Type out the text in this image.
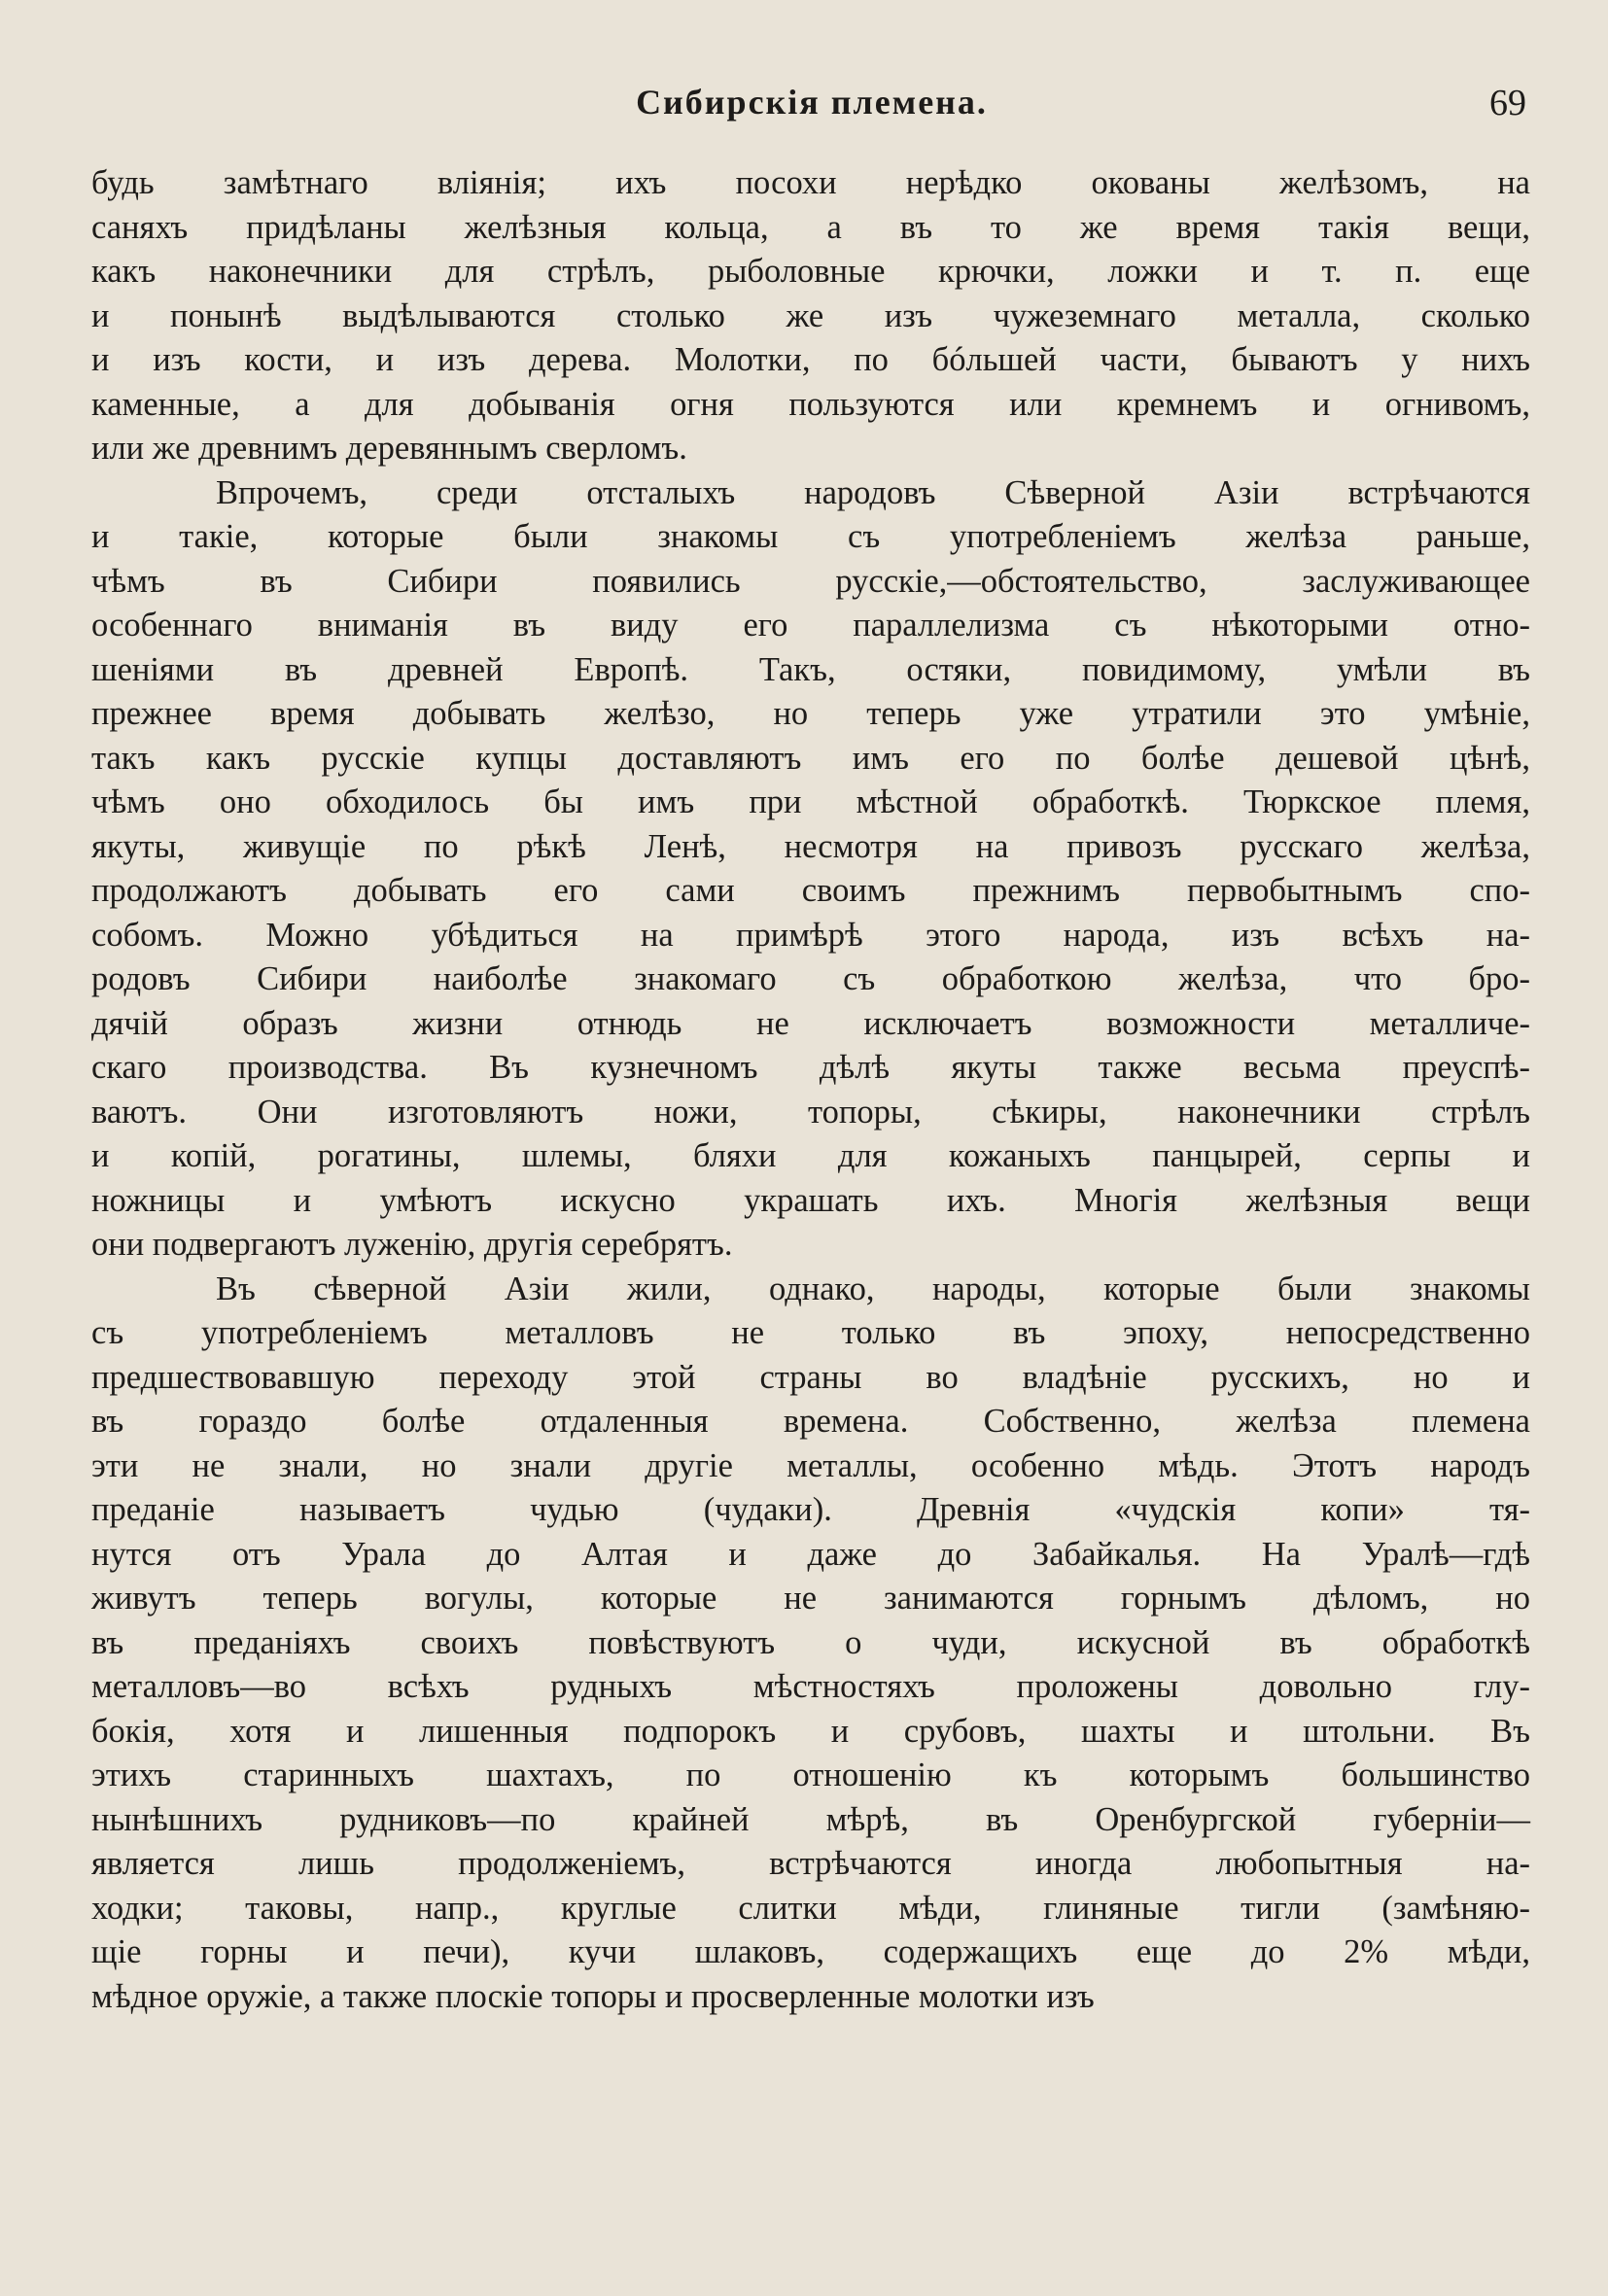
Сибирскія племена.	69
будь замѣтнаго вліянія; ихъ посохи нерѣдко окованы желѣзомъ, на
саняхъ придѣланы желѣзныя кольца, а въ то же время такія вещи,
какъ наконечники для стрѣлъ, рыболовные крючки, ложки и т. п. еще
и понынѣ выдѣлываются столько же изъ чужеземнаго металла, сколько
и изъ кости, и изъ дерева. Молотки, по бóльшей части, бываютъ у нихъ
каменные, а для добыванія огня пользуются или кремнемъ и огнивомъ,
или же древнимъ деревяннымъ сверломъ.
Впрочемъ, среди отсталыхъ народовъ Сѣверной Азіи встрѣчаются
и такіе, которые были знакомы съ употребленіемъ желѣза раньше,
чѣмъ въ Сибири появились русскіе,—обстоятельство, заслуживающее
особеннаго вниманія въ виду его параллелизма съ нѣкоторыми отно-
шеніями въ древней Европѣ. Такъ, остяки, повидимому, умѣли въ
прежнее время добывать желѣзо, но теперь уже утратили это умѣніе,
такъ какъ русскіе купцы доставляютъ имъ его по болѣе дешевой цѣнѣ,
чѣмъ оно обходилось бы имъ при мѣстной обработкѣ. Тюркское племя,
якуты, живущіе по рѣкѣ Ленѣ, несмотря на привозъ русскаго желѣза,
продолжаютъ добывать его сами своимъ прежнимъ первобытнымъ спо-
собомъ. Можно убѣдиться на примѣрѣ этого народа, изъ всѣхъ на-
родовъ Сибири наиболѣе знакомаго съ обработкою желѣза, что бро-
дячій образъ жизни отнюдь не исключаетъ возможности металличе-
скаго производства. Въ кузнечномъ дѣлѣ якуты также весьма преуспѣ-
ваютъ. Они изготовляютъ ножи, топоры, сѣкиры, наконечники стрѣлъ
и копій, рогатины, шлемы, бляхи для кожаныхъ панцырей, серпы и
ножницы и умѣютъ искусно украшать ихъ. Многія желѣзныя вещи
они подвергаютъ луженію, другія серебрятъ.
Въ сѣверной Азіи жили, однако, народы, которые были знакомы
съ употребленіемъ металловъ не только въ эпоху, непосредственно
предшествовавшую переходу этой страны во владѣніе русскихъ, но и
въ гораздо болѣе отдаленныя времена. Собственно, желѣза племена
эти не знали, но знали другіе металлы, особенно мѣдь. Этотъ народъ
преданіе называетъ чудью (чудаки). Древнія «чудскія копи» тя-
нутся отъ Урала до Алтая и даже до Забайкалья. На Уралѣ—гдѣ
живутъ теперь вогулы, которые не занимаются горнымъ дѣломъ, но
въ преданіяхъ своихъ повѣствуютъ о чуди, искусной въ обработкѣ
металловъ—во всѣхъ рудныхъ мѣстностяхъ проложены довольно глу-
бокія, хотя и лишенныя подпорокъ и срубовъ, шахты и штольни. Въ
этихъ старинныхъ шахтахъ, по отношенію къ которымъ большинство
нынѣшнихъ рудниковъ—по крайней мѣрѣ, въ Оренбургской губерніи—
является лишь продолженіемъ, встрѣчаются иногда любопытныя на-
ходки; таковы, напр., круглые слитки мѣди, глиняные тигли (замѣняю-
щіе горны и печи), кучи шлаковъ, содержащихъ еще до 2% мѣди,
мѣдное оружіе, а также плоскіе топоры и просверленные молотки изъ
